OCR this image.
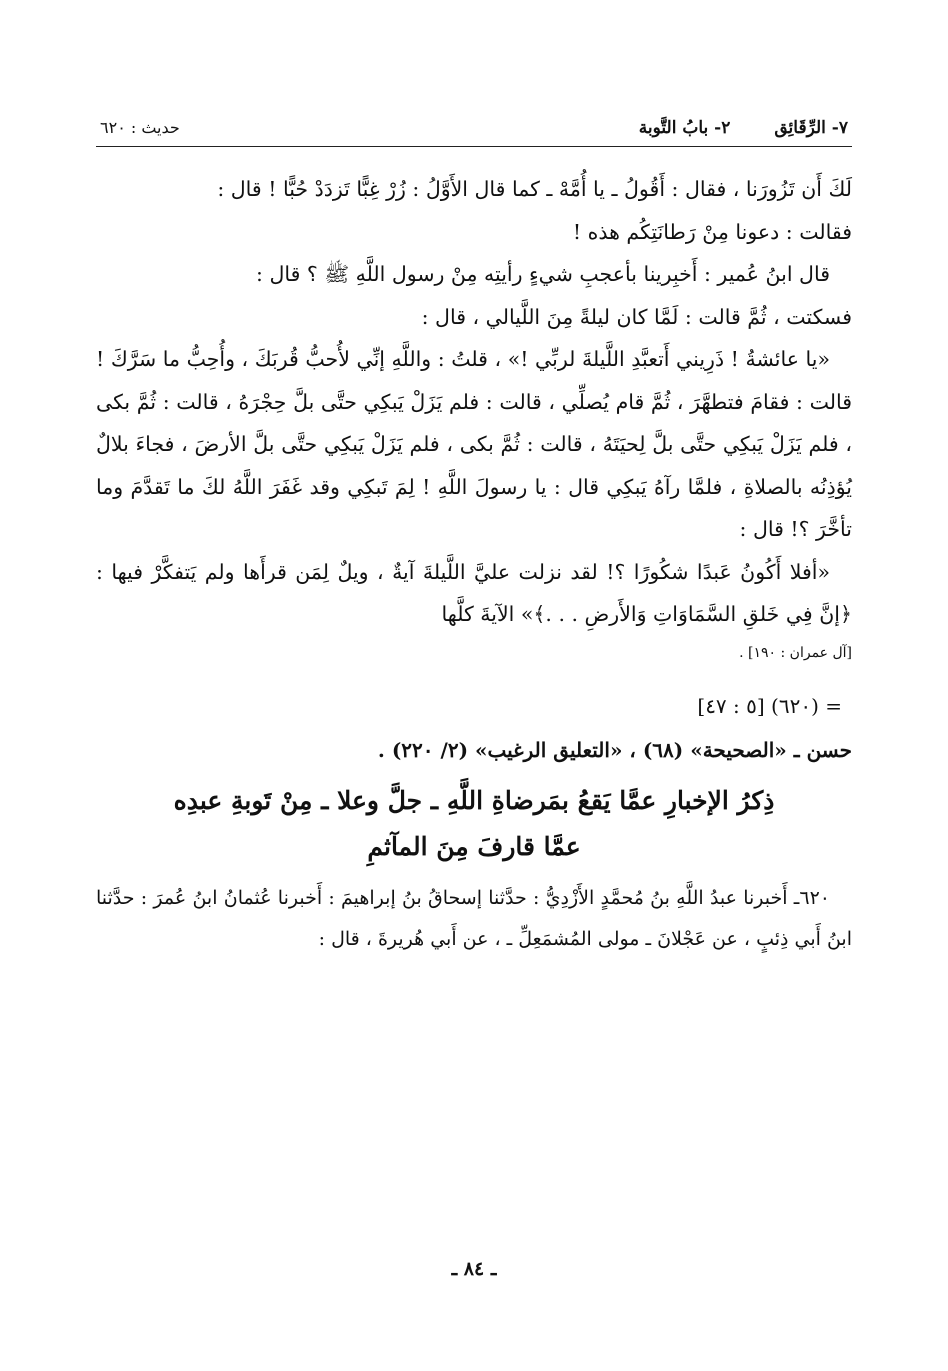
٧- الرِّقَائِق
٢- بابُ التَّوبة
حديث : ٦٢٠

لَكَ أَن تَزُورَنا ، فقال : أَقُولُ ـ يا أُمَّهْ ـ كما قال الأَوَّلُ : زُرْ غِبًّا تَزدَدْ حُبًّا ! قال :

فقالت : دعونا مِنْ رَطانَتِكُم هذه !

قال ابنُ عُمير : أَخبِرينا بأعجبِ شيءٍ رأيتِه مِنْ رسول اللَّهِ ﷺ ؟ قال :

فسكتت ، ثُمَّ قالت : لَمَّا كان ليلةً مِنَ اللَّيالي ، قال :

«يا عائشةُ ! ذَرِيني أَتعبَّدِ اللَّيلةَ لربِّي !» ، قلتُ : واللَّهِ إنِّي لأُحبُّ قُربَكَ ، وأُحِبُّ ما سَرَّكَ ! قالت : فقامَ فتطهَّرَ ، ثُمَّ قام يُصلِّي ، قالت : فلم يَزَلْ يَبكِي حتَّى بلَّ حِجْرَهُ ، قالت : ثُمَّ بكى ، فلم يَزَلْ يَبكِي حتَّى بلَّ لِحيَتَهُ ، قالت : ثُمَّ بكى ، فلم يَزَلْ يَبكِي حتَّى بلَّ الأرضَ ، فجاءَ بلالٌ يُؤذِنُه بالصلاةِ ، فلمَّا رآهُ يَبكِي قال : يا رسولَ اللَّهِ ! لِمَ تَبكِي وقد غَفَرَ اللَّهُ لكَ ما تَقدَّمَ وما تأخَّرَ ؟! قال :

«أفلا أَكُونُ عَبدًا شكُورًا ؟! لقد نزلت عليَّ اللَّيلةَ آيةٌ ، ويلٌ لِمَن قرأَها ولم يَتفكَّرْ فيها : ﴿إنَّ فِي خَلقِ السَّمَاوَاتِ وَالأَرضِ . . .﴾» الآيةَ كلَّها

[آل عمران : ١٩٠] .

= (٦٢٠) [٥ : ٤٧]

حسن ـ «الصحيحة» (٦٨) ، «التعليق الرغيب» (٢/ ٢٢٠) .

ذِكرُ الإخبارِ عمَّا يَقعُ بمَرضاةِ اللَّهِ ـ جلَّ وعلا ـ مِنْ تَوبةِ عبدِه

عمَّا قارفَ مِنَ المآثمِ

٦٢٠ـ أَخبرنا عبدُ اللَّهِ بنُ مُحمَّدٍ الأَزْدِيُّ : حدَّثنا إسحاقُ بنُ إبراهيمَ : أَخبرنا عُثمانُ ابنُ عُمرَ : حدَّثنا ابنُ أَبي ذِئبٍ ، عن عَجْلانَ ـ مولى المُشمَعِلِّ ـ ، عن أَبي هُريرةَ ، قال :

ـ ٨٤ ـ
